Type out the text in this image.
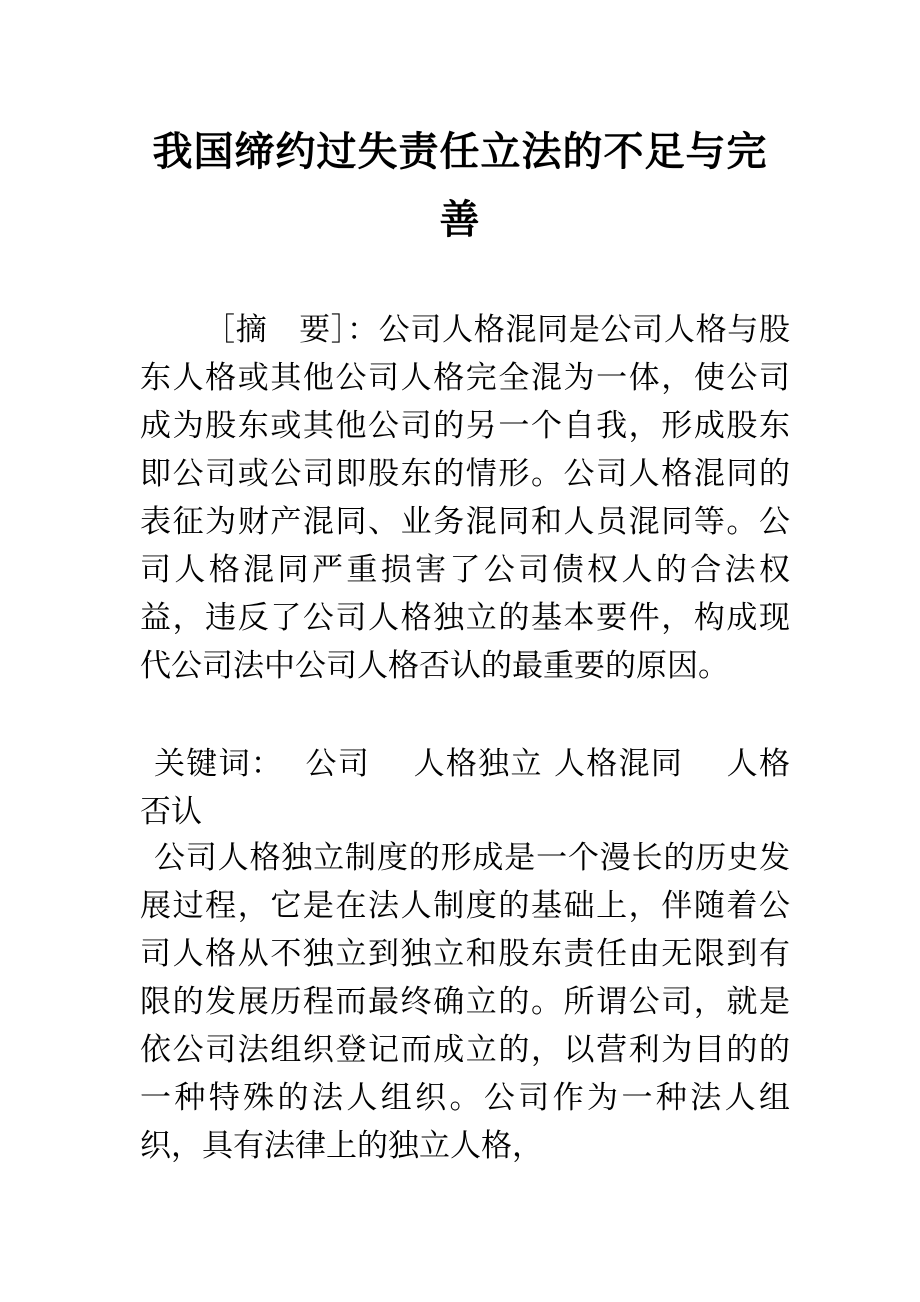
我国缔约过失责任立法的不足与完善

［摘　要］：公司人格混同是公司人格与股东人格或其他公司人格完全混为一体，使公司成为股东或其他公司的另一个自我，形成股东即公司或公司即股东的情形。公司人格混同的表征为财产混同、业务混同和人员混同等。公司人格混同严重损害了公司债权人的合法权益，违反了公司人格独立的基本要件，构成现代公司法中公司人格否认的最重要的原因。

关键词：  公司　 人格独立 人格混同　 人格否认

公司人格独立制度的形成是一个漫长的历史发展过程，它是在法人制度的基础上，伴随着公司人格从不独立到独立和股东责任由无限到有限的发展历程而最终确立的。所谓公司，就是依公司法组织登记而成立的，以营利为目的的一种特殊的法人组织。公司作为一种法人组织，具有法律上的独立人格，
